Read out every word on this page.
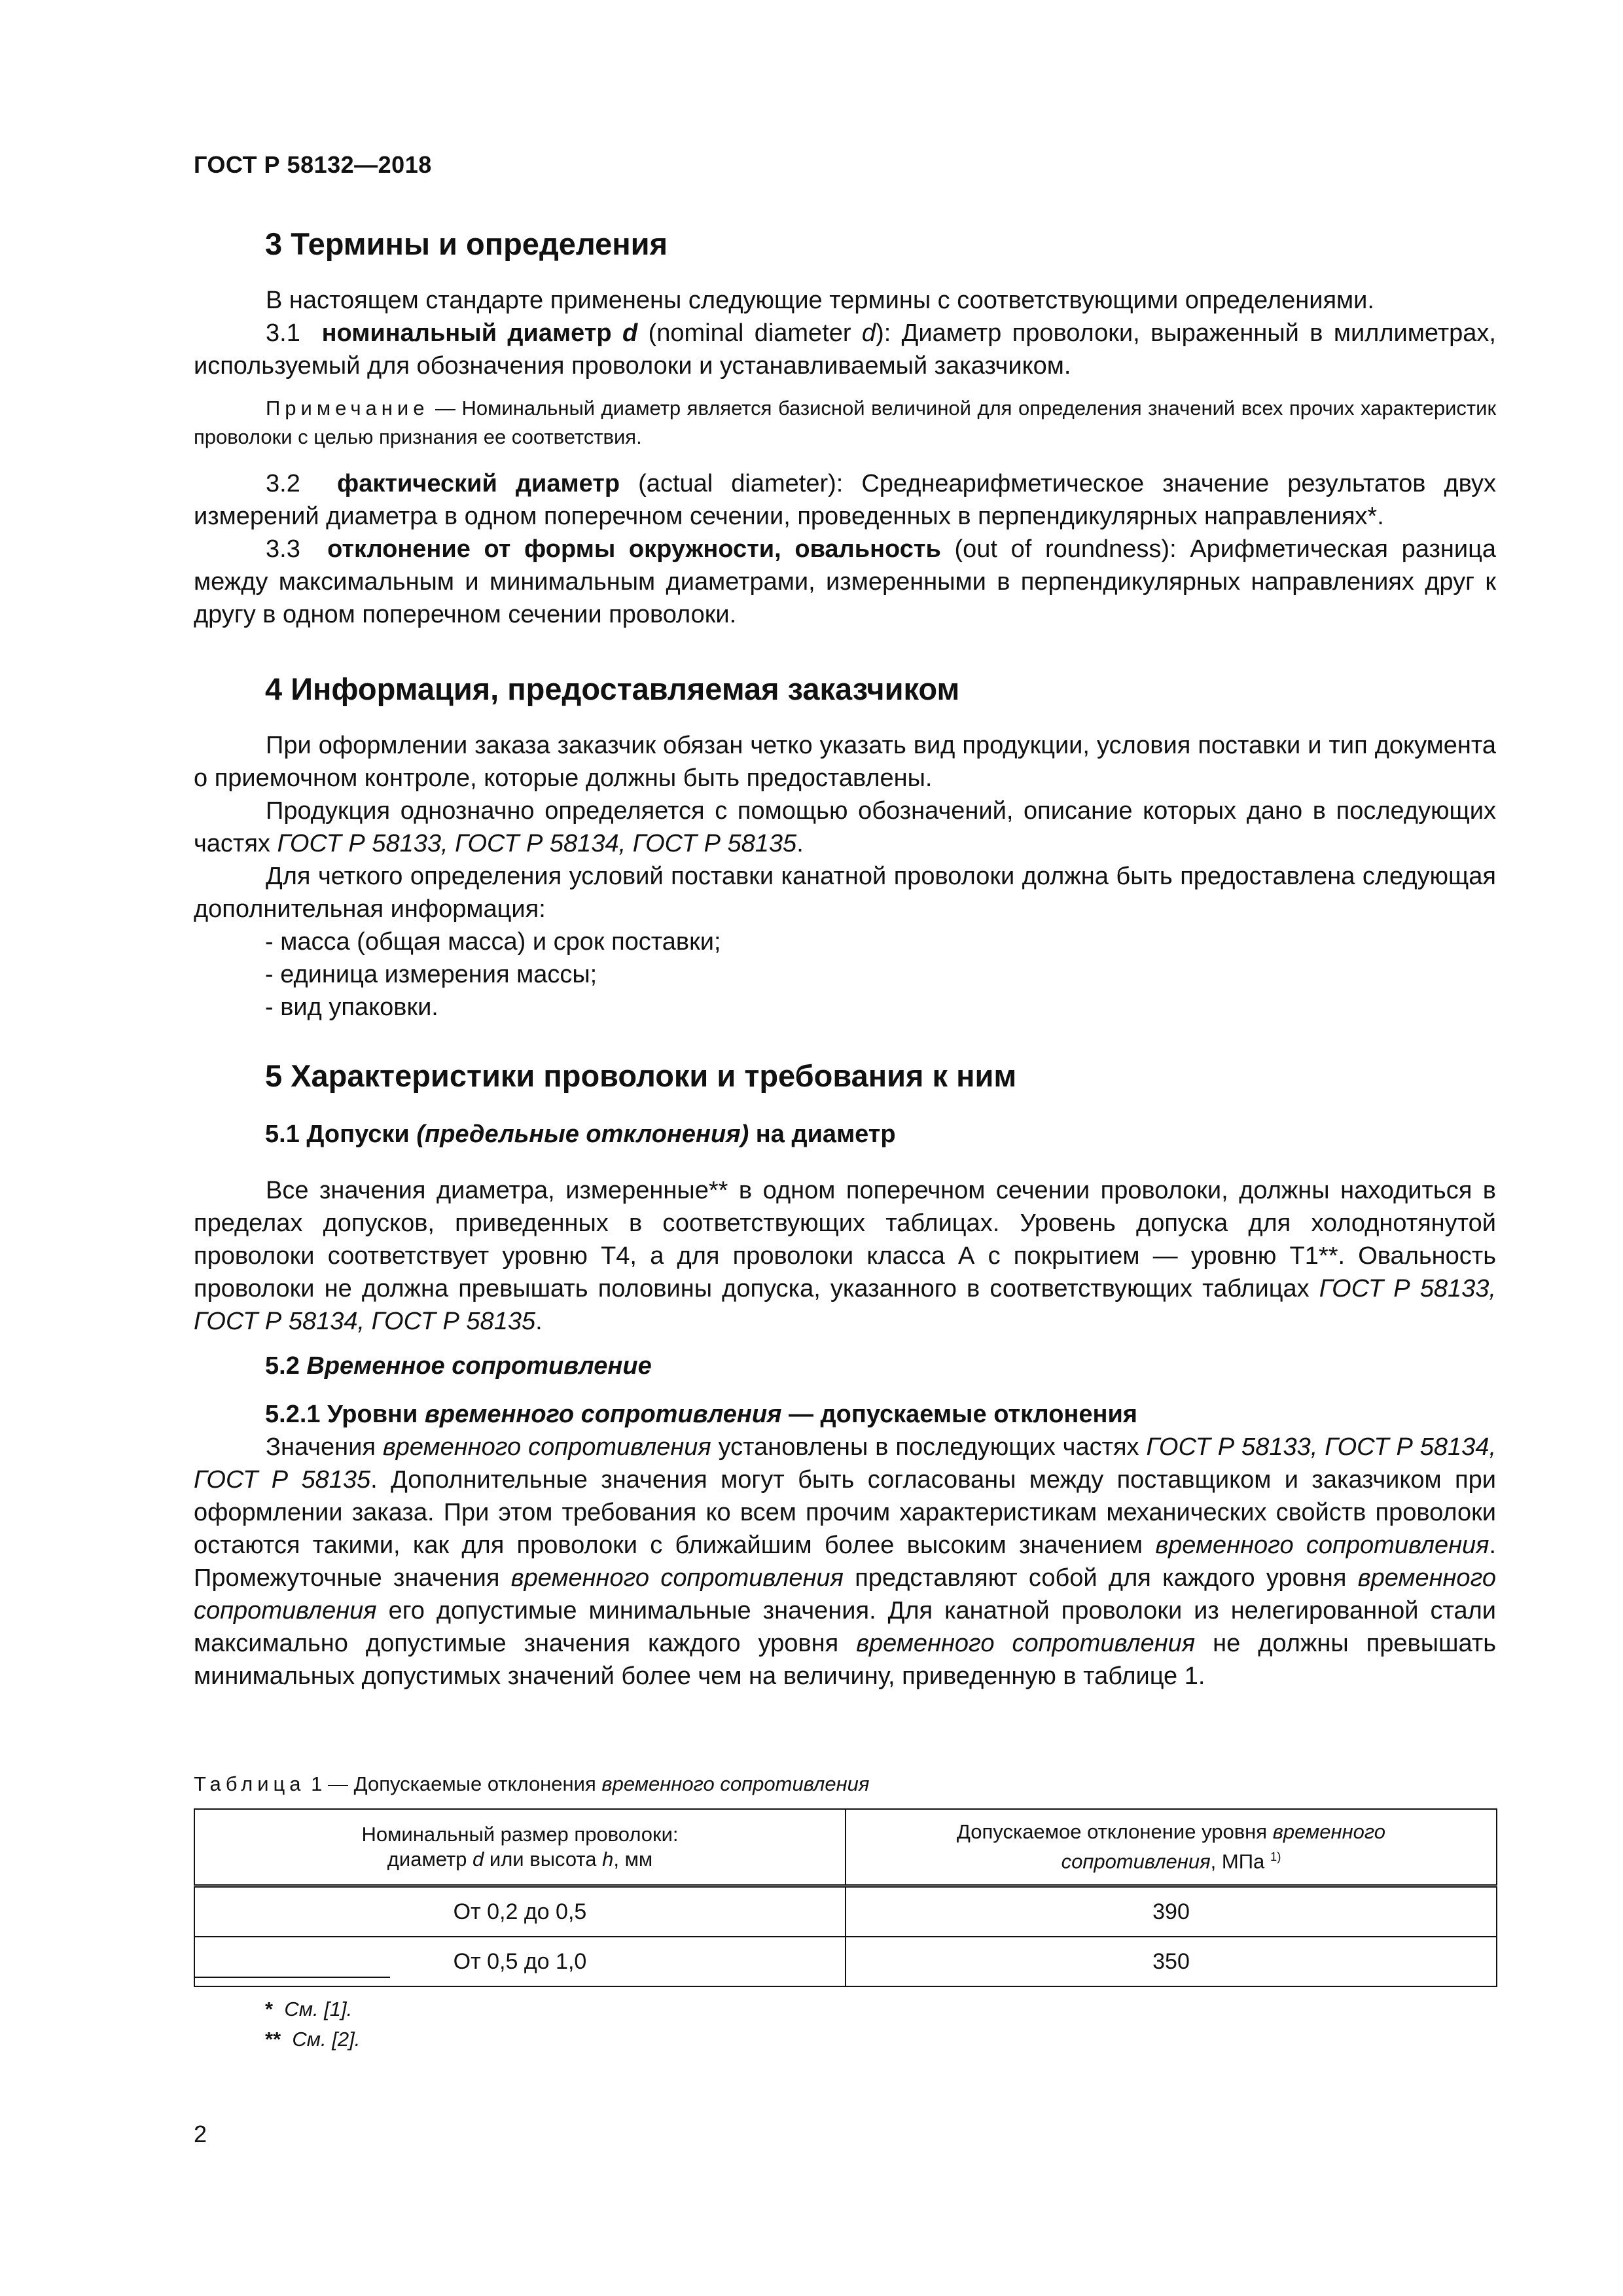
ГОСТ Р 58132—2018
3 Термины и определения

В настоящем стандарте применены следующие термины с соответствующими определениями.

3.1 номинальный диаметр d (nominal diameter d): Диаметр проволоки, выраженный в миллиметрах, используемый для обозначения проволоки и устанавливаемый заказчиком.

Примечание — Номинальный диаметр является базисной величиной для определения значений всех прочих характеристик проволоки с целью признания ее соответствия.

3.2 фактический диаметр (actual diameter): Среднеарифметическое значение результатов двух измерений диаметра в одном поперечном сечении, проведенных в перпендикулярных направлениях*.

3.3 отклонение от формы окружности, овальность (out of roundness): Арифметическая разница между максимальным и минимальным диаметрами, измеренными в перпендикулярных направлениях друг к другу в одном поперечном сечении проволоки.

4 Информация, предоставляемая заказчиком

При оформлении заказа заказчик обязан четко указать вид продукции, условия поставки и тип документа о приемочном контроле, которые должны быть предоставлены.

Продукция однозначно определяется с помощью обозначений, описание которых дано в последующих частях ГОСТ Р 58133, ГОСТ Р 58134, ГОСТ Р 58135.

Для четкого определения условий поставки канатной проволоки должна быть предоставлена следующая дополнительная информация:

- масса (общая масса) и срок поставки;
- единица измерения массы;
- вид упаковки.
5 Характеристики проволоки и требования к ним
5.1 Допуски (предельные отклонения) на диаметр

Все значения диаметра, измеренные** в одном поперечном сечении проволоки, должны находиться в пределах допусков, приведенных в соответствующих таблицах. Уровень допуска для холоднотянутой проволоки соответствует уровню Т4, а для проволоки класса А с покрытием — уровню Т1**. Овальность проволоки не должна превышать половины допуска, указанного в соответствующих таблицах ГОСТ Р 58133, ГОСТ Р 58134, ГОСТ Р 58135.

5.2 Временное сопротивление
5.2.1 Уровни временного сопротивления — допускаемые отклонения

Значения временного сопротивления установлены в последующих частях ГОСТ Р 58133, ГОСТ Р 58134, ГОСТ Р 58135. Дополнительные значения могут быть согласованы между поставщиком и заказчиком при оформлении заказа. При этом требования ко всем прочим характеристикам механических свойств проволоки остаются такими, как для проволоки с ближайшим более высоким значением временного сопротивления. Промежуточные значения временного сопротивления представляют собой для каждого уровня временного сопротивления его допустимые минимальные значения. Для канатной проволоки из нелегированной стали максимально допустимые значения каждого уровня временного сопротивления не должны превышать минимальных допустимых значений более чем на величину, приведенную в таблице 1.

Таблица 1 — Допускаемые отклонения временного сопротивления
Номинальный размер проволоки:
диаметр d или высота h, мм	Допускаемое отклонение уровня временного
сопротивления, МПа $^{1)}$
От 0,2 до 0,5	390
От 0,5 до 1,0	350
* См. [1].
** См. [2].
2
